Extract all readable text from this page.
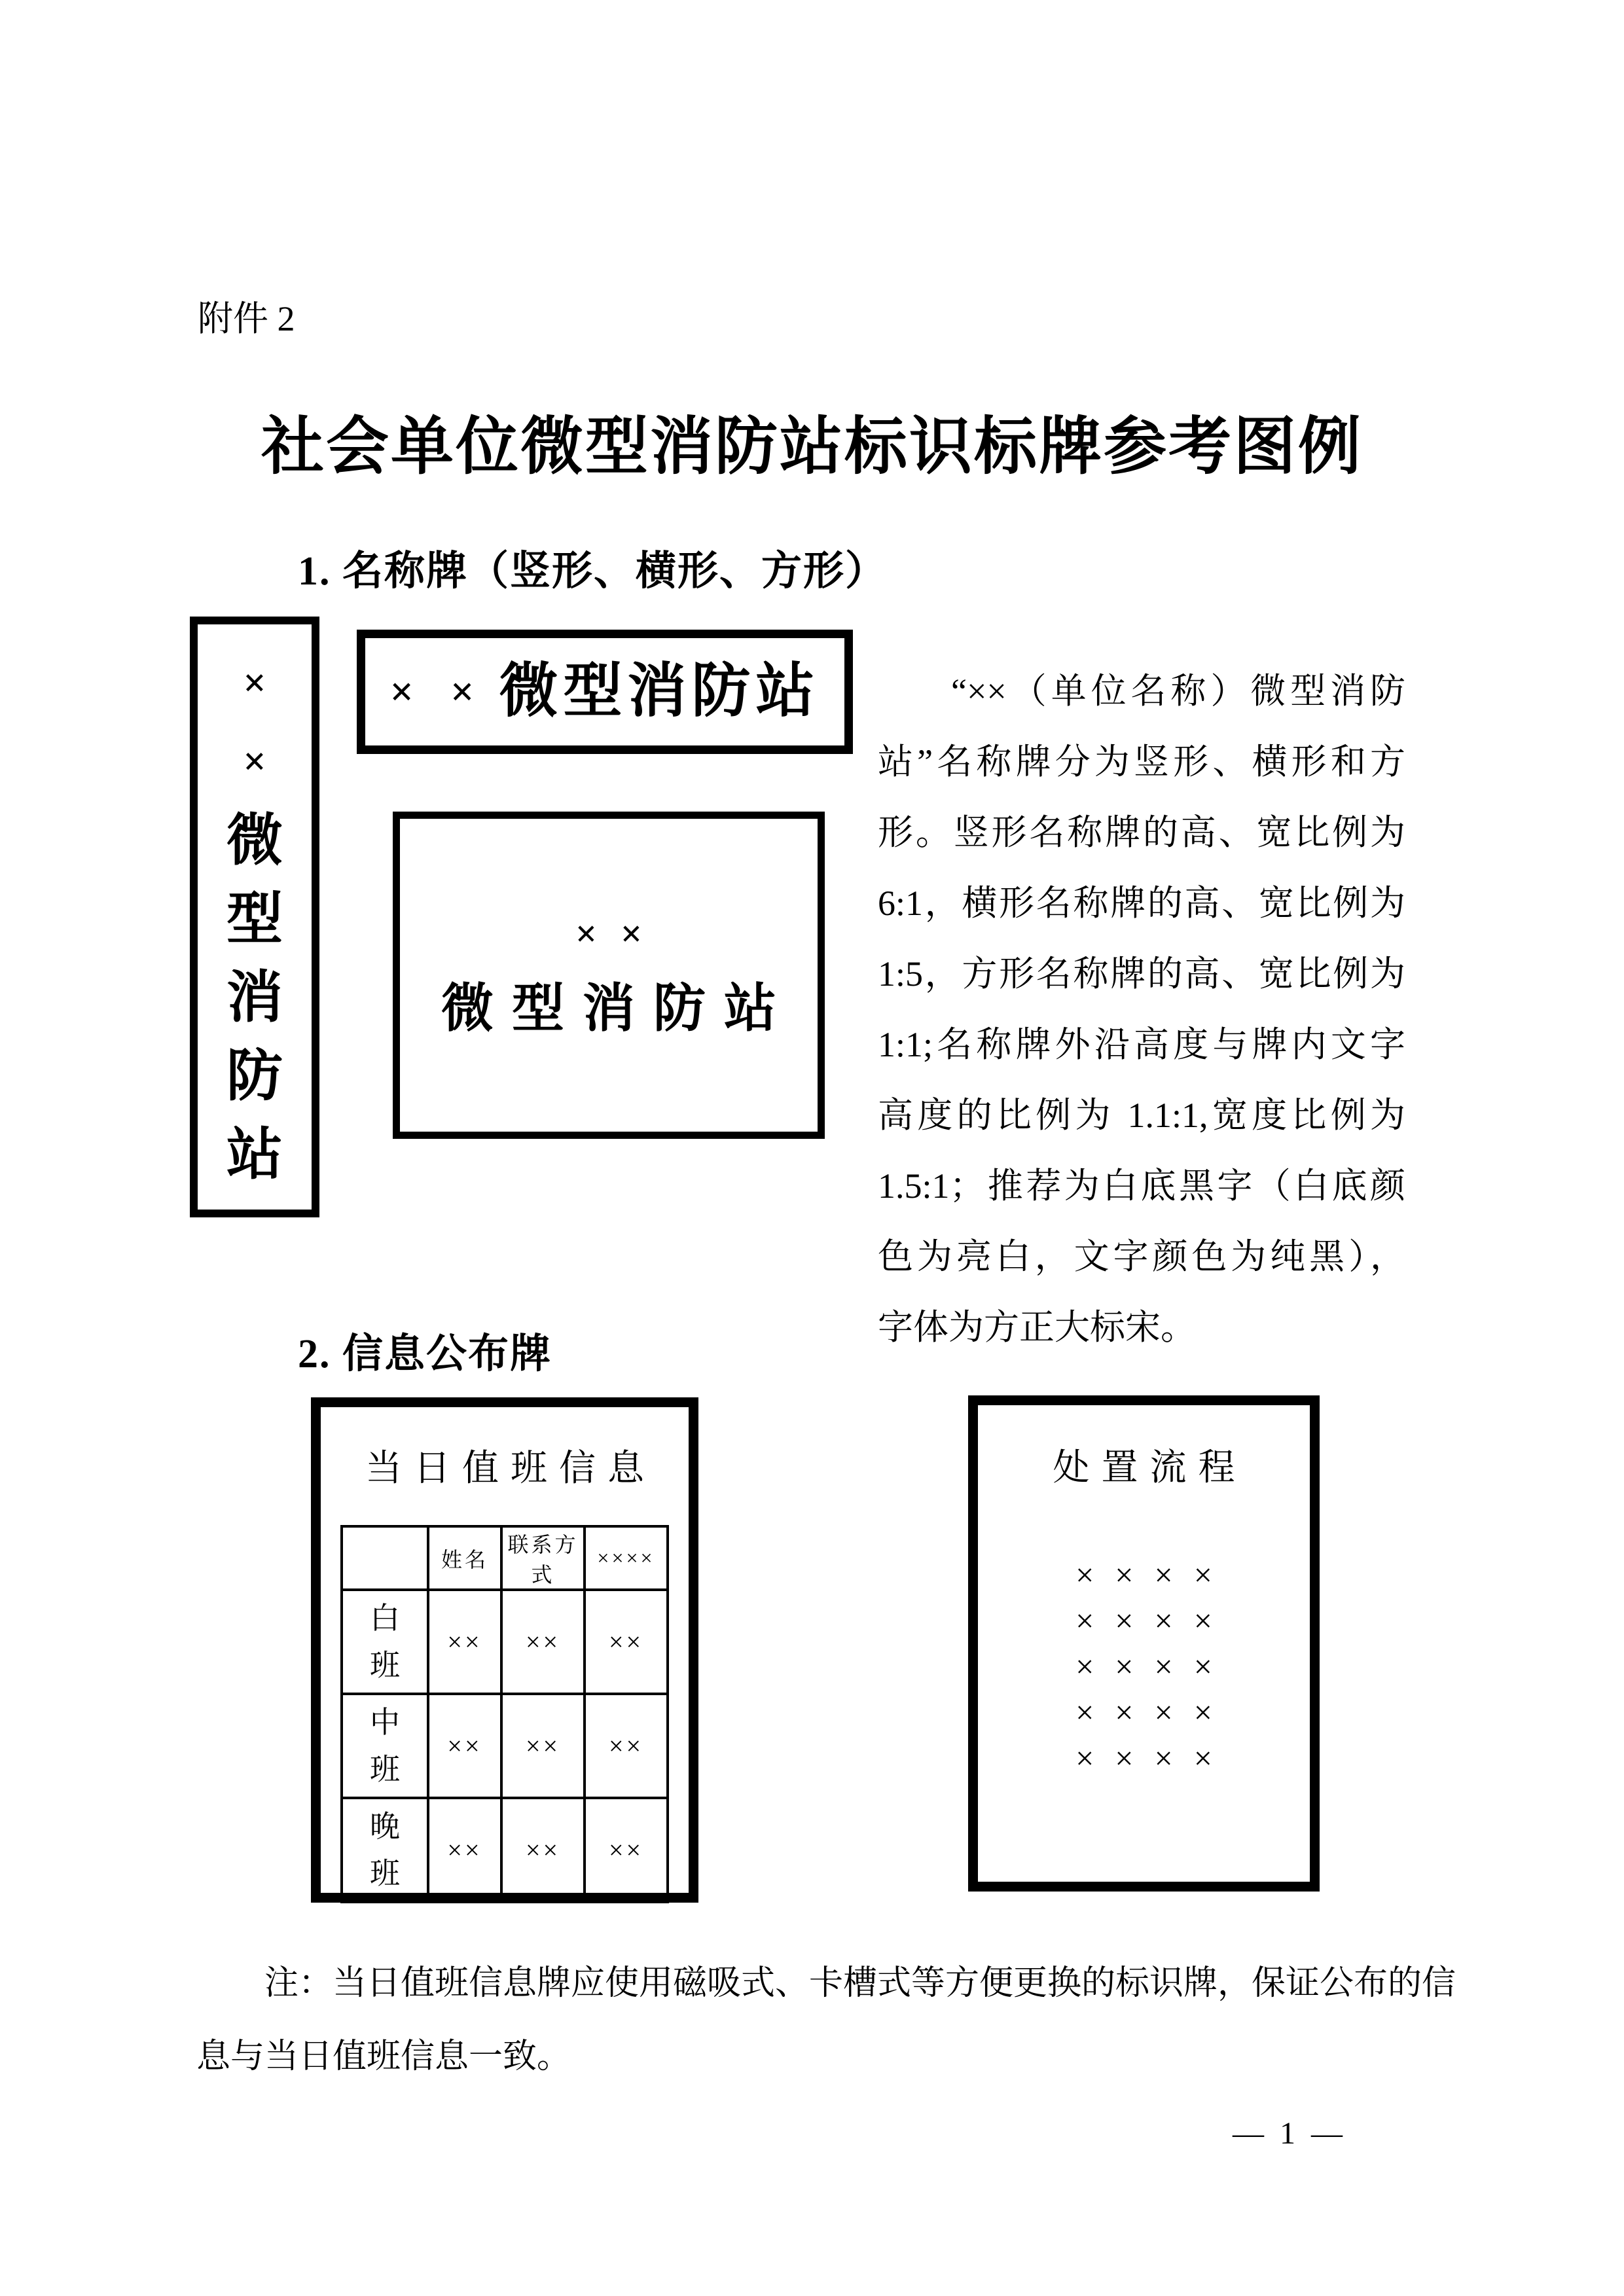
附件 2
社会单位微型消防站标识标牌参考图例
1. 名称牌（竖形、横形、方形）
×
×
微
型
消
防
站
× × 微型消防站
××
微型消防站
“××（单位名称）微型消防
站”名称牌分为竖形、横形和方
形。竖形名称牌的高、宽比例为
6:1，横形名称牌的高、宽比例为
1:5，方形名称牌的高、宽比例为
1:1;名称牌外沿高度与牌内文字
高度的比例为 1.1:1,宽度比例为
1.5:1；推荐为白底黑字（白底颜
色为亮白，文字颜色为纯黑），
字体为方正大标宋。
2. 信息公布牌
当日值班信息
	姓名	联系方式	××××

白
班	××	××	××

中
班	××	××	××

晚
班	××	××	××
处置流程
××××
××××
××××
××××
××××
注：当日值班信息牌应使用磁吸式、卡槽式等方便更换的标识牌，保证公布的信
息与当日值班信息一致。
— 1 —
